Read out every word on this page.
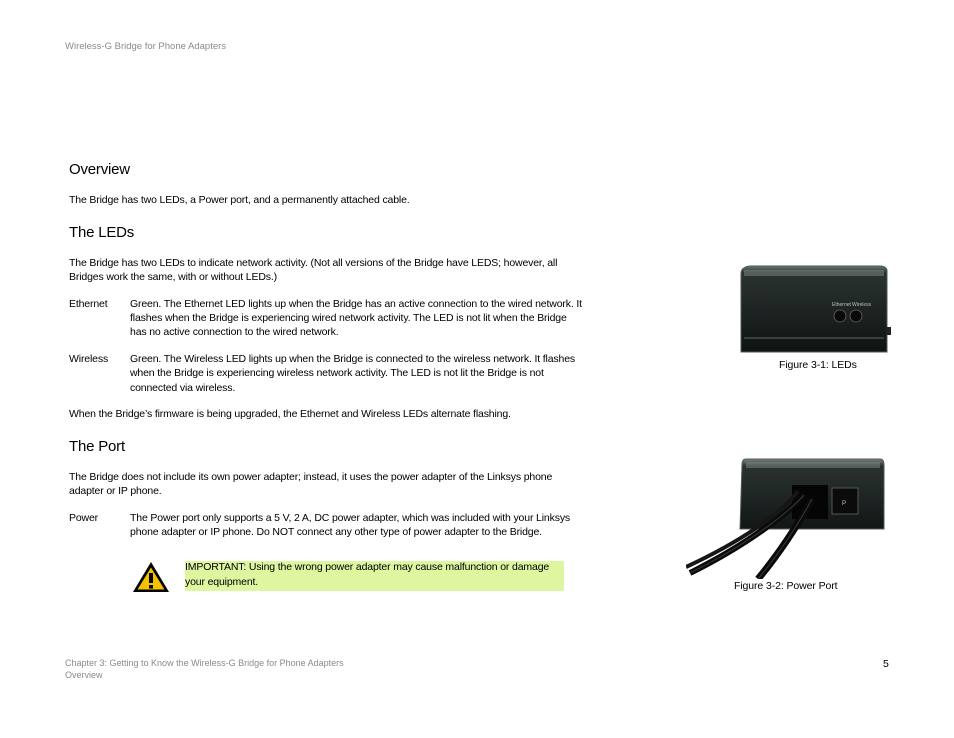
Wireless-G Bridge for Phone Adapters
Overview
The Bridge has two LEDs, a Power port, and a permanently attached cable.
The LEDs
The Bridge has two LEDs to indicate network activity. (Not all versions of the Bridge have LEDS; however, all
Bridges work the same, with or without LEDs.)
Ethernet Green. The Ethernet LED lights up when the Bridge has an active connection to the wired network. It
flashes when the Bridge is experiencing wired network activity. The LED is not lit when the Bridge
has no active connection to the wired network.
Wireless Green. The Wireless LED lights up when the Bridge is connected to the wireless network. It flashes
when the Bridge is experiencing wireless network activity. The LED is not lit the Bridge is not
connected via wireless.
When the Bridge’s firmware is being upgraded, the Ethernet and Wireless LEDs alternate flashing.
The Port
The Bridge does not include its own power adapter; instead, it uses the power adapter of the Linksys phone
adapter or IP phone.
Power	The Power port only supports a 5 V, 2 A, DC power adapter, which was included with your Linksys
phone adapter or IP phone. Do NOT connect any other type of power adapter to the Bridge.
IMPORTANT: Using the wrong power adapter may cause malfunction or damage
your equipment.
Ethernet Wireless
Figure 3-1: LEDs
P
Figure 3-2: Power Port
Chapter 3: Getting to Know the Wireless-G Bridge for Phone Adapters
Overview
5
